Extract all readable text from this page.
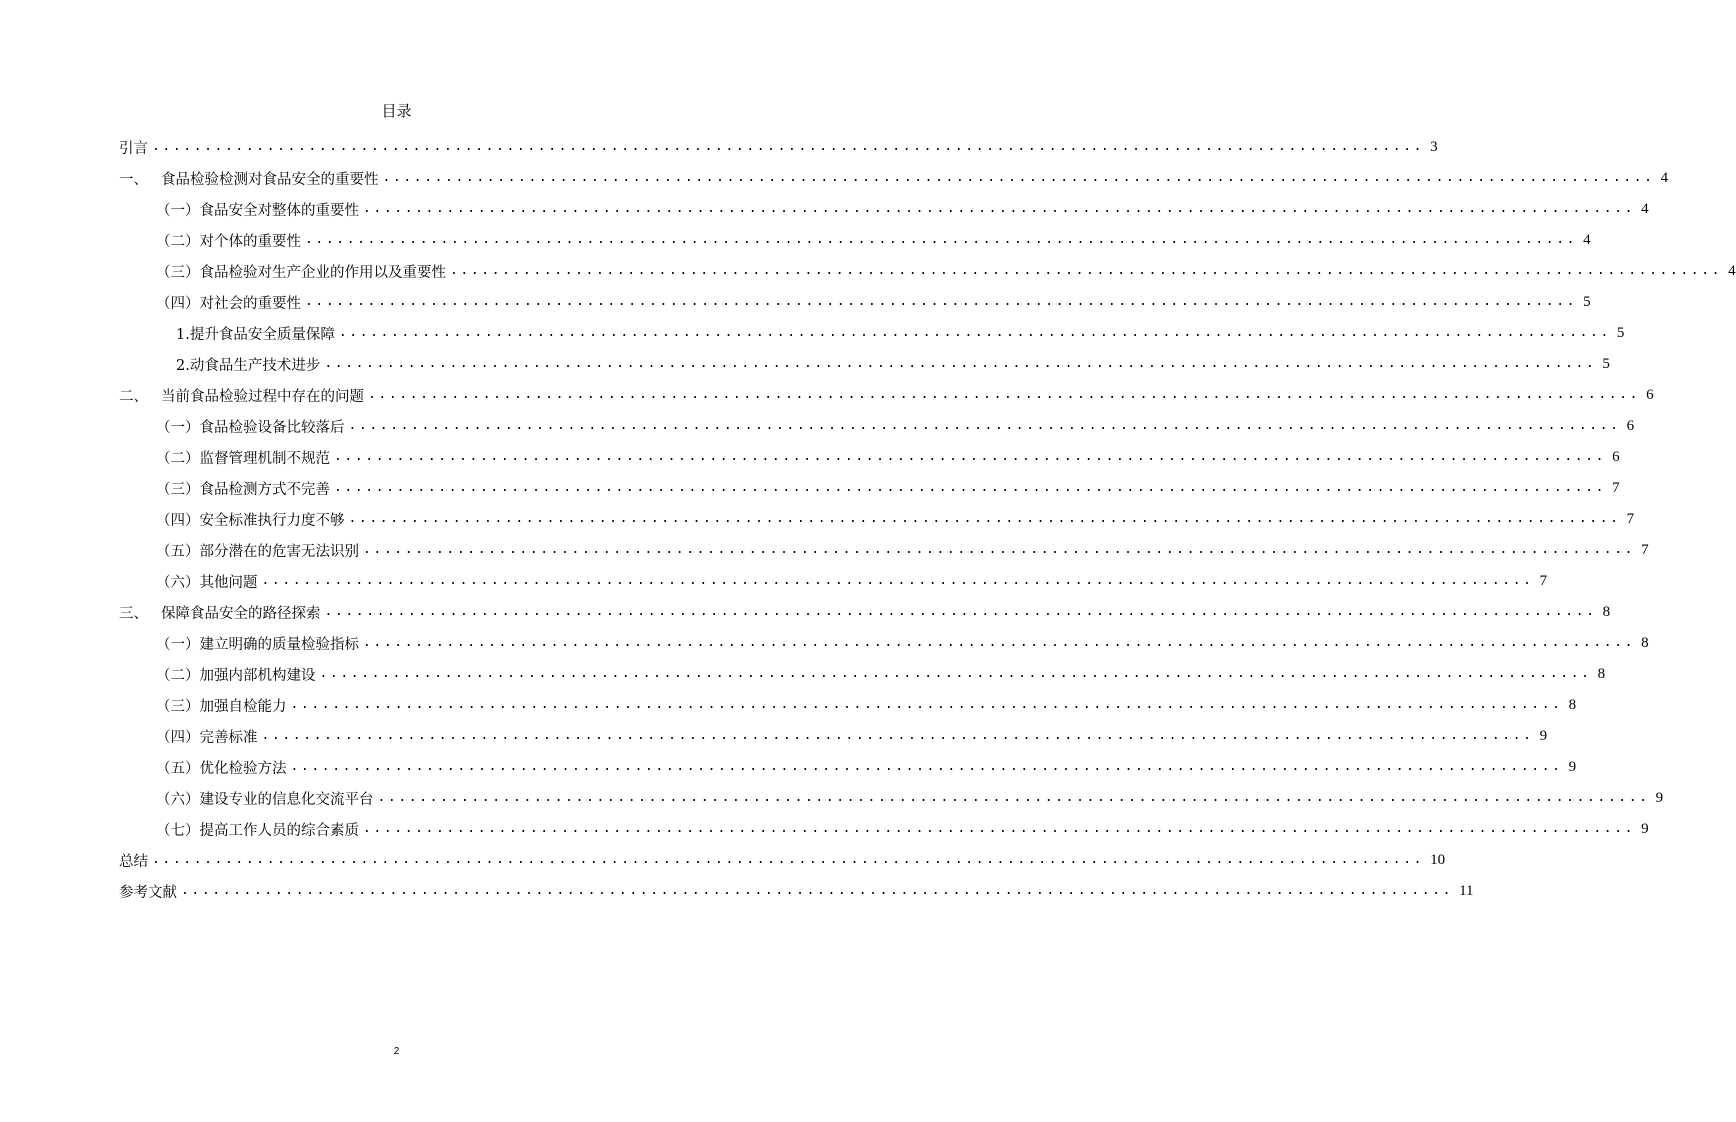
目录
引言 .......................................................................................................................... 3
一、 食品检验检测对食品安全的重要性 .......................................................................................................................... 4
（一）食品安全对整体的重要性 .......................................................................................................................... 4
（二）对个体的重要性 .......................................................................................................................... 4
（三）食品检验对生产企业的作用以及重要性 .......................................................................................................................... 4
（四）对社会的重要性 .......................................................................................................................... 5
1.提升食品安全质量保障 .......................................................................................................................... 5
2.动食品生产技术进步 .......................................................................................................................... 5
二、 当前食品检验过程中存在的问题 .......................................................................................................................... 6
（一）食品检验设备比较落后 .......................................................................................................................... 6
（二）监督管理机制不规范 .......................................................................................................................... 6
（三）食品检测方式不完善 .......................................................................................................................... 7
（四）安全标准执行力度不够 .......................................................................................................................... 7
（五）部分潜在的危害无法识别 .......................................................................................................................... 7
（六）其他问题 .......................................................................................................................... 7
三、 保障食品安全的路径探索 .......................................................................................................................... 8
（一）建立明确的质量检验指标 .......................................................................................................................... 8
（二）加强内部机构建设 .......................................................................................................................... 8
（三）加强自检能力 .......................................................................................................................... 8
（四）完善标准 .......................................................................................................................... 9
（五）优化检验方法 .......................................................................................................................... 9
（六）建设专业的信息化交流平台 .......................................................................................................................... 9
（七）提高工作人员的综合素质 .......................................................................................................................... 9
总结 .......................................................................................................................... 10
参考文献 .......................................................................................................................... 11
2
